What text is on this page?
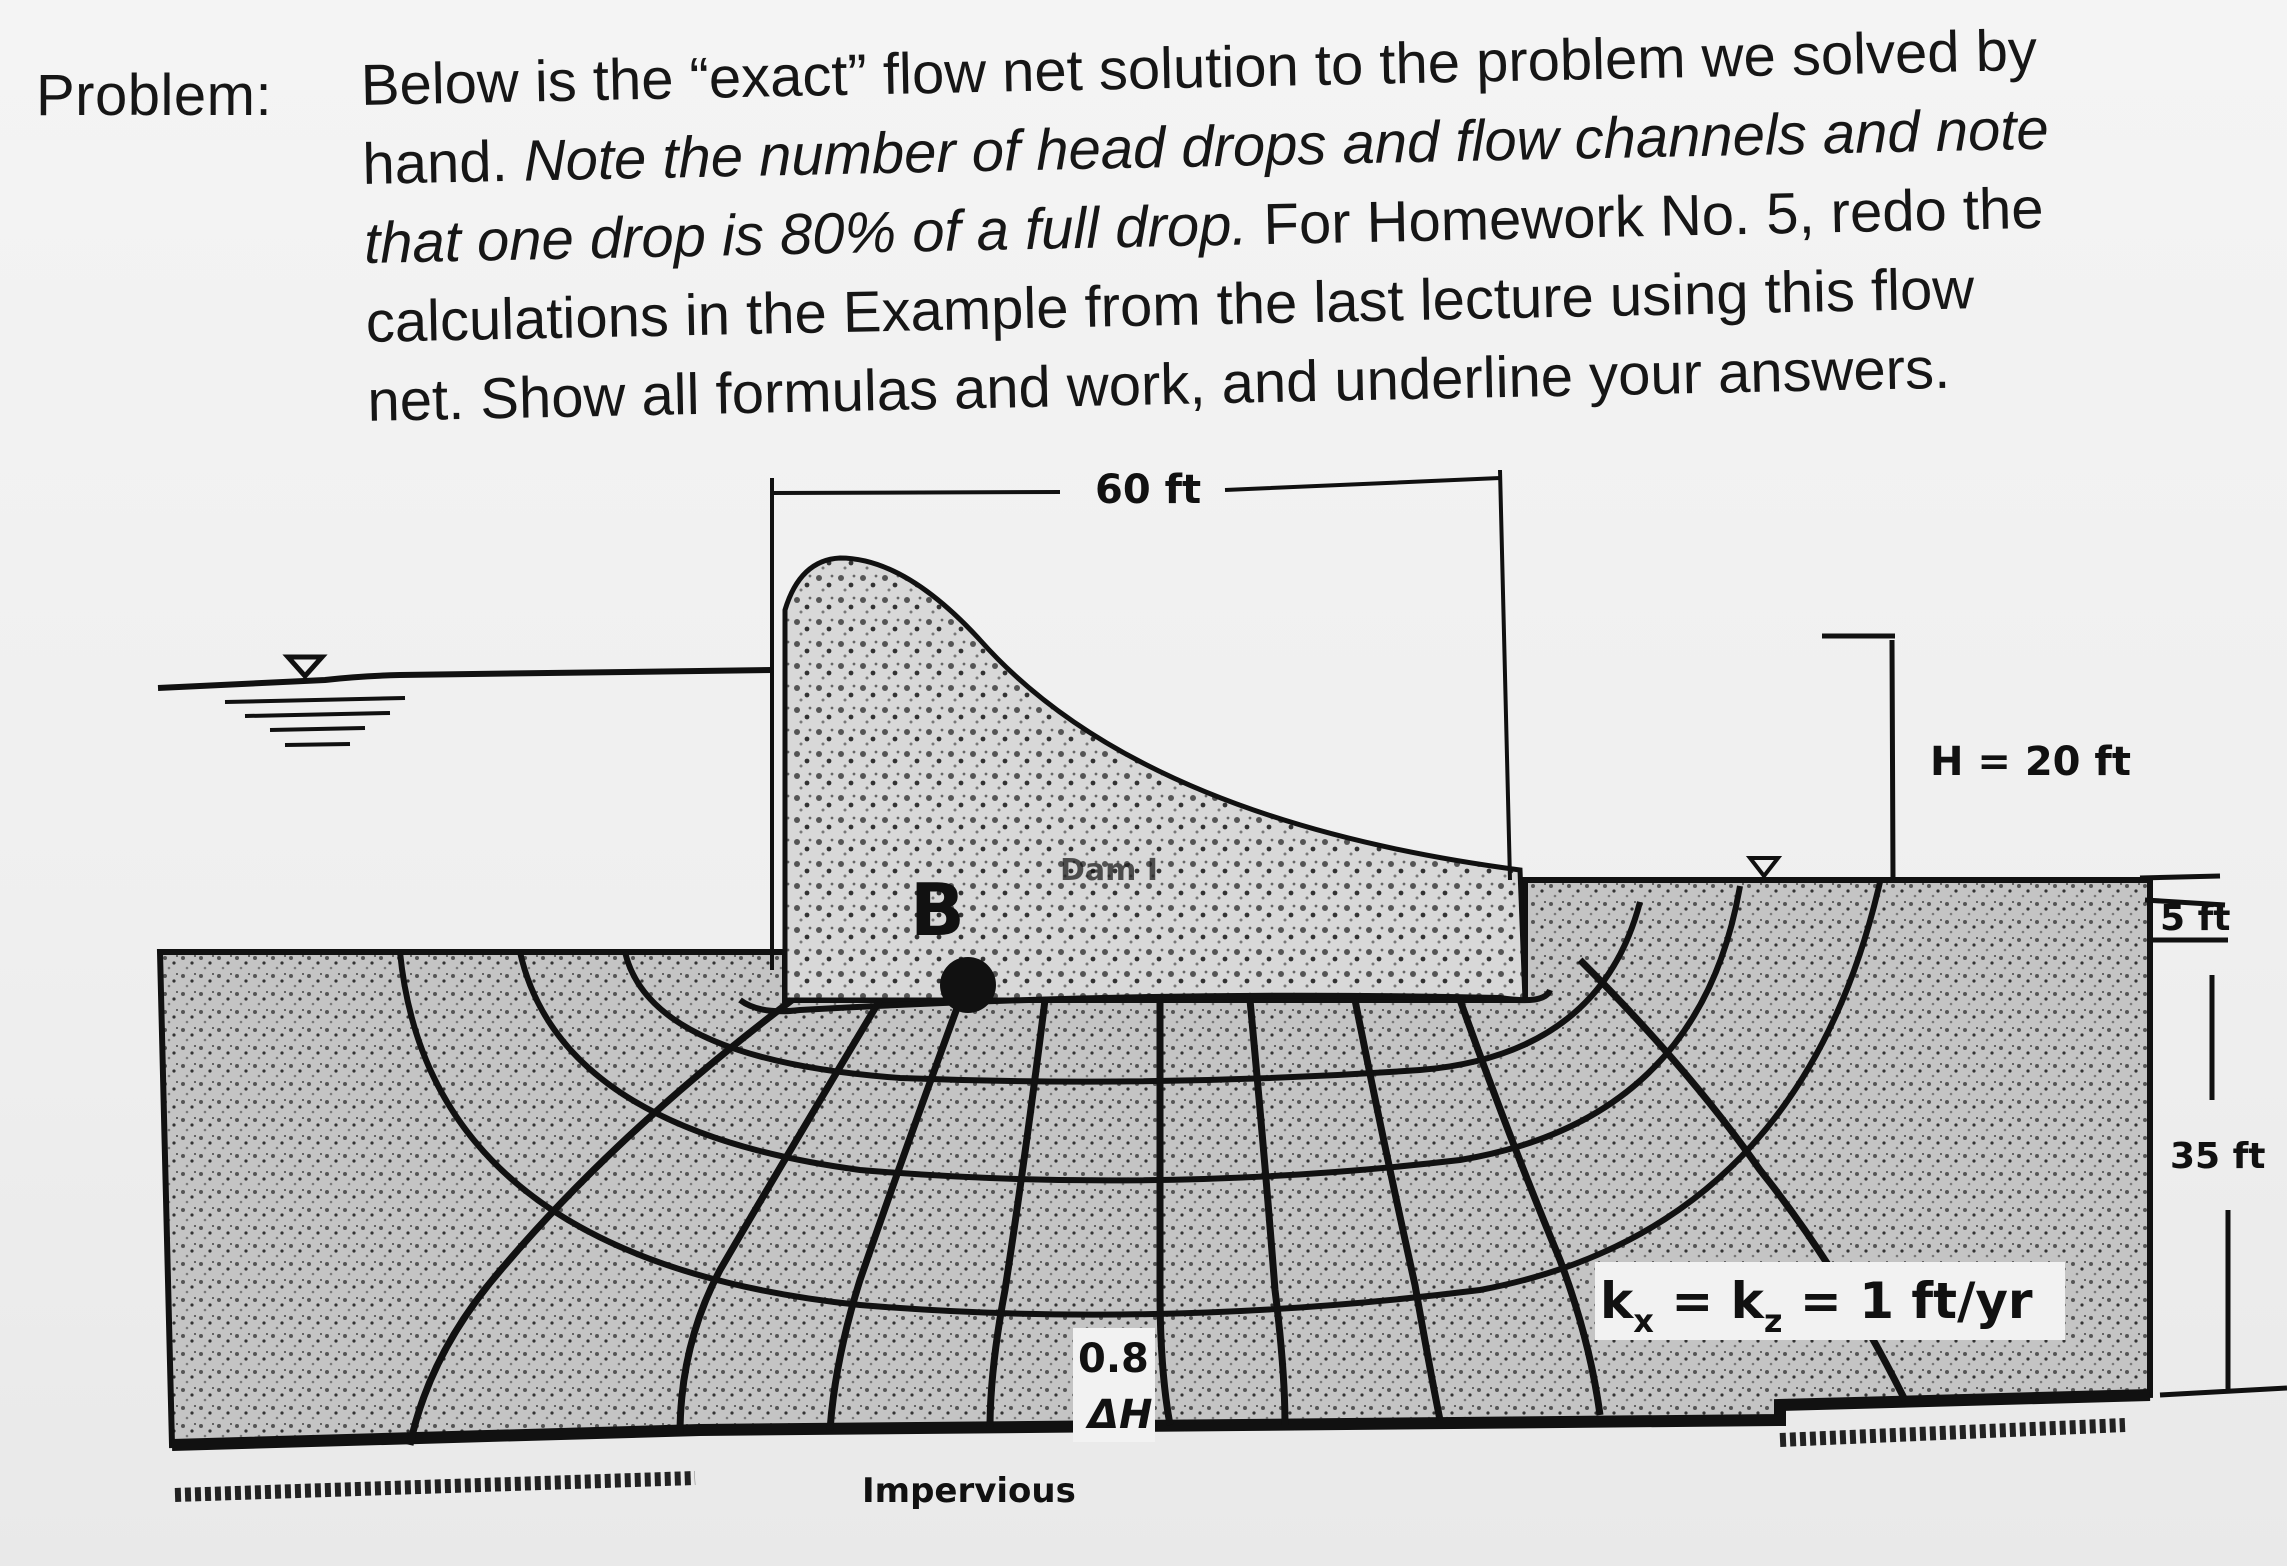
Problem: Below is the “exact” flow net solution to the problem we solved by
hand. Note the number of head drops and flow channels and note
that one drop is 80% of a full drop. For Homework No. 5, redo the
calculations in the Example from the last lecture using this flow
net. Show all formulas and work, and underline your answers.
60 ft
H = 20 ft
5 ft
35 ft
B	Dam I
0.8
ΔH
$k_x = k_z = 1$ ft/yr
Impervious
